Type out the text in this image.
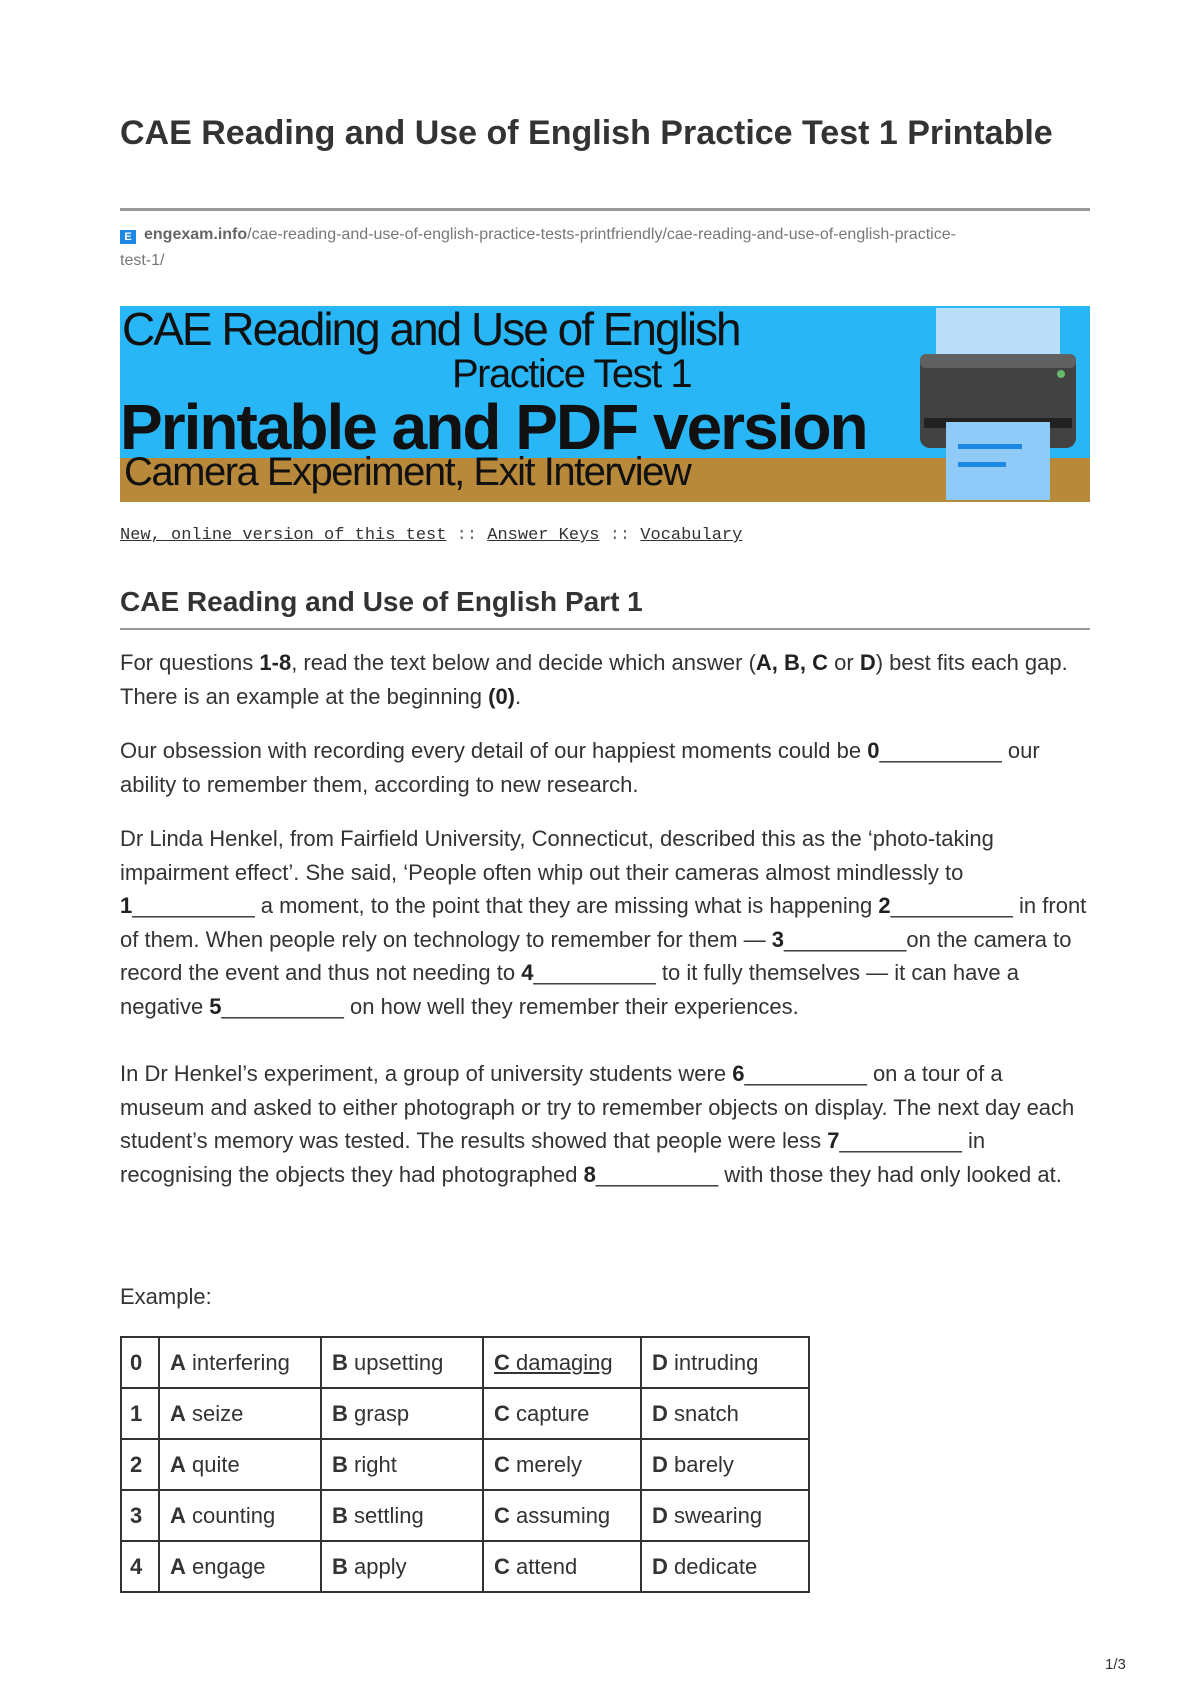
CAE Reading and Use of English Practice Test 1 Printable
E engexam.info/cae-reading-and-use-of-english-practice-tests-printfriendly/cae-reading-and-use-of-english-practice-
test-1/
CAE Reading and Use of English
Practice Test 1
Printable and PDF version
Camera Experiment, Exit Interview
New, online version of this test :: Answer Keys :: Vocabulary
CAE Reading and Use of English Part 1

For questions 1-8, read the text below and decide which answer (A, B, C or D) best fits each gap. There is an example at the beginning (0).

Our obsession with recording every detail of our happiest moments could be 0__________ our ability to remember them, according to new research.

Dr Linda Henkel, from Fairfield University, Connecticut, described this as the ‘photo-taking impairment effect’. She said, ‘People often whip out their cameras almost mindlessly to 1__________ a moment, to the point that they are missing what is happening 2__________ in front of them. When people rely on technology to remember for them — 3__________on the camera to record the event and thus not needing to 4__________ to it fully themselves — it can have a negative 5__________ on how well they remember their experiences.

In Dr Henkel’s experiment, a group of university students were 6__________ on a tour of a museum and asked to either photograph or try to remember objects on display. The next day each student’s memory was tested. The results showed that people were less 7__________ in recognising the objects they had photographed 8__________ with those they had only looked at.

Example:

0	A interfering	B upsetting	C damaging	D intruding
1	A seize	B grasp	C capture	D snatch
2	A quite	B right	C merely	D barely
3	A counting	B settling	C assuming	D swearing
4	A engage	B apply	C attend	D dedicate
1/3
